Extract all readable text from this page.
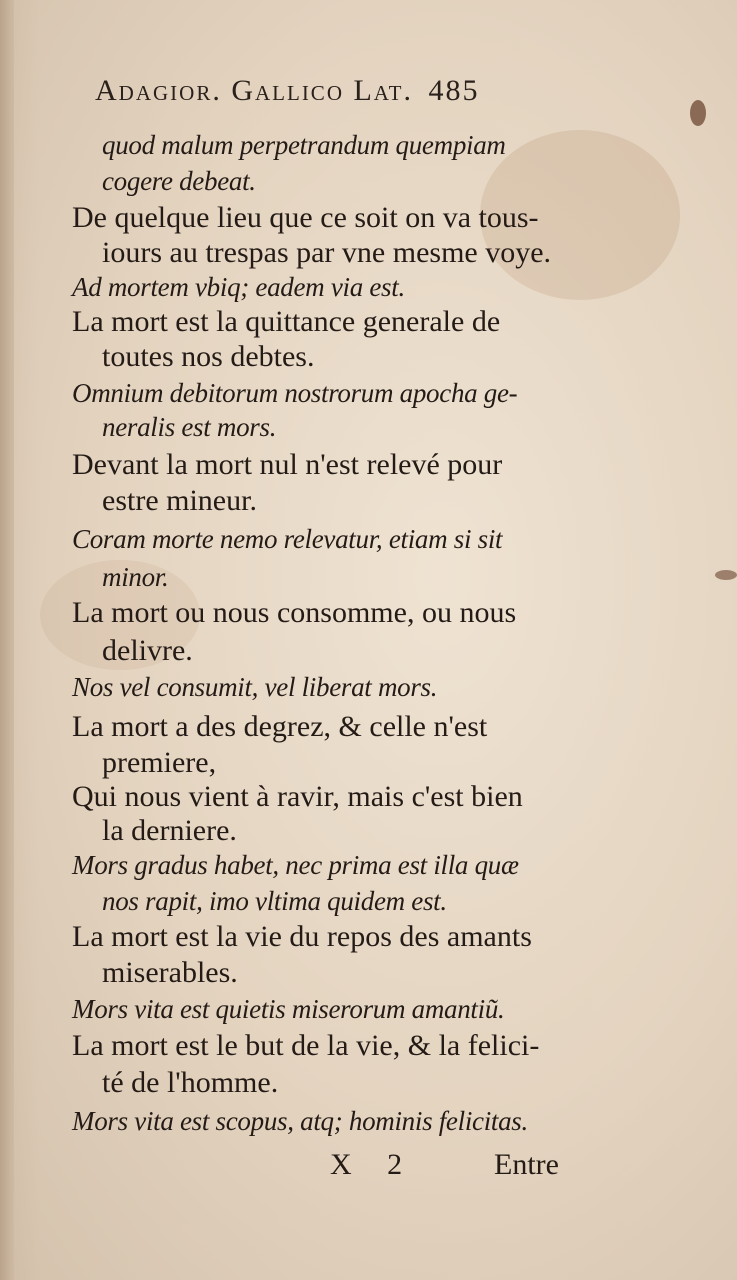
Adagior. Gallico Lat. 485
quod malum perpetrandum quempiam
cogere debeat.
De quelque lieu que ce soit on va tous-
iours au trespas par vne mesme voye.
Ad mortem vbiq; eadem via est.
La mort est la quittance generale de
toutes nos debtes.
Omnium debitorum nostrorum apocha ge-
neralis est mors.
Devant la mort nul n'est relevé pour
estre mineur.
Coram morte nemo relevatur, etiam si sit
minor.
La mort ou nous consomme, ou nous
delivre.
Nos vel consumit, vel liberat mors.
La mort a des degrez, & celle n'est
premiere,
Qui nous vient à ravir, mais c'est bien
la derniere.
Mors gradus habet, nec prima est illa quæ
nos rapit, imo vltima quidem est.
La mort est la vie du repos des amants
miserables.
Mors vita est quietis miserorum amantiũ.
La mort est le but de la vie, & la felici-
té de l'homme.
Mors vita est scopus, atq; hominis felicitas.
X 2	Entre
